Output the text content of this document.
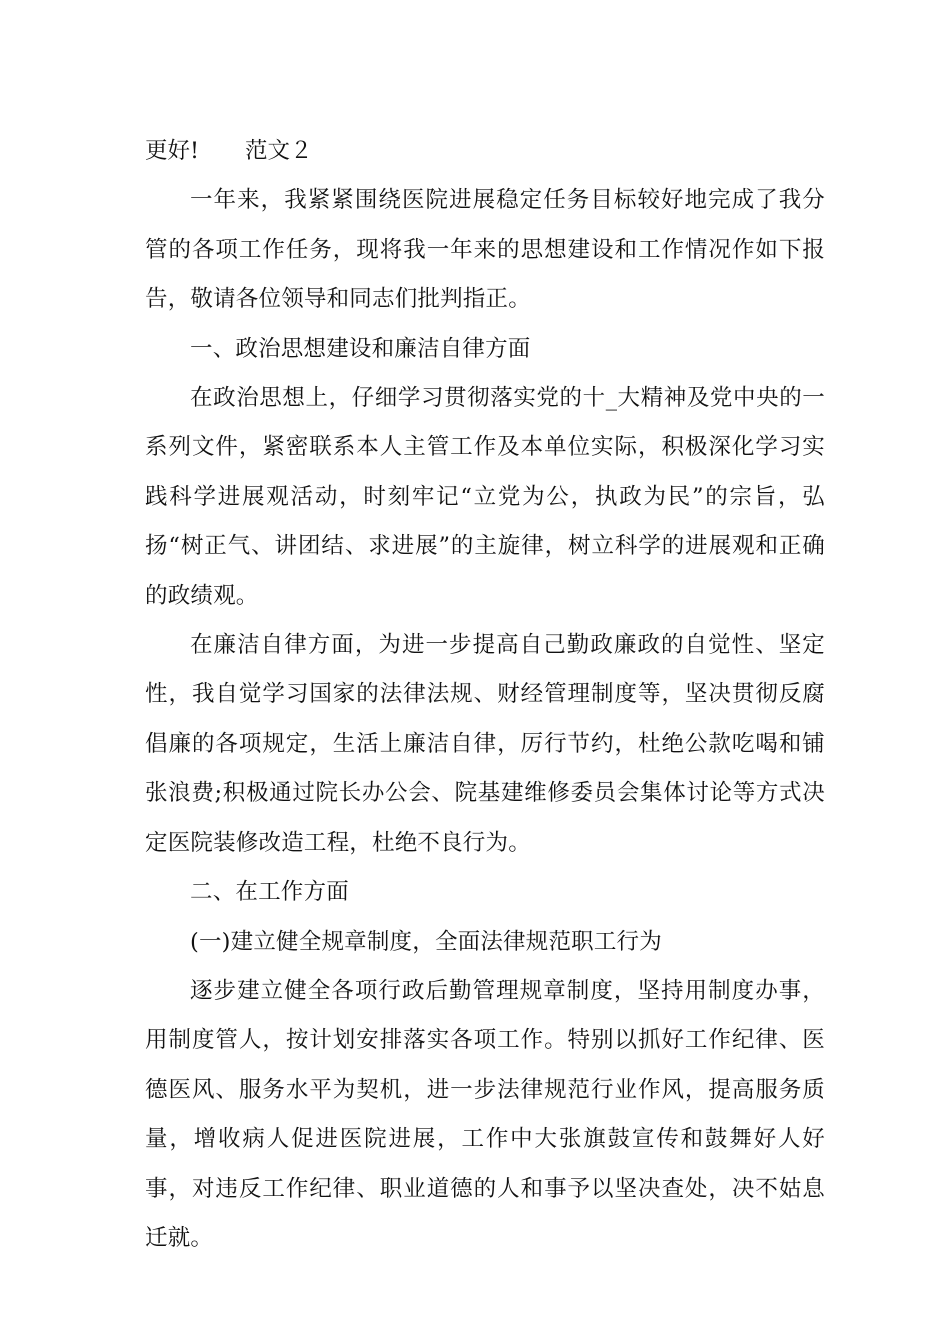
更好! 范文２

一年来，我紧紧围绕医院进展稳定任务目标较好地完成了我分管的各项工作任务，现将我一年来的思想建设和工作情况作如下报告，敬请各位领导和同志们批判指正。

一、政治思想建设和廉洁自律方面

在政治思想上，仔细学习贯彻落实党的十_大精神及党中央的一系列文件，紧密联系本人主管工作及本单位实际，积极深化学习实践科学进展观活动，时刻牢记“立党为公，执政为民”的宗旨，弘扬“树正气、讲团结、求进展”的主旋律，树立科学的进展观和正确的政绩观。

在廉洁自律方面，为进一步提高自己勤政廉政的自觉性、坚定性，我自觉学习国家的法律法规、财经管理制度等，坚决贯彻反腐倡廉的各项规定，生活上廉洁自律，厉行节约，杜绝公款吃喝和铺张浪费;积极通过院长办公会、院基建维修委员会集体讨论等方式决定医院装修改造工程，杜绝不良行为。

二、在工作方面

(一)建立健全规章制度，全面法律规范职工行为

逐步建立健全各项行政后勤管理规章制度，坚持用制度办事，用制度管人，按计划安排落实各项工作。特别以抓好工作纪律、医德医风、服务水平为契机，进一步法律规范行业作风，提高服务质量，增收病人促进医院进展，工作中大张旗鼓宣传和鼓舞好人好事，对违反工作纪律、职业道德的人和事予以坚决查处，决不姑息迁就。
